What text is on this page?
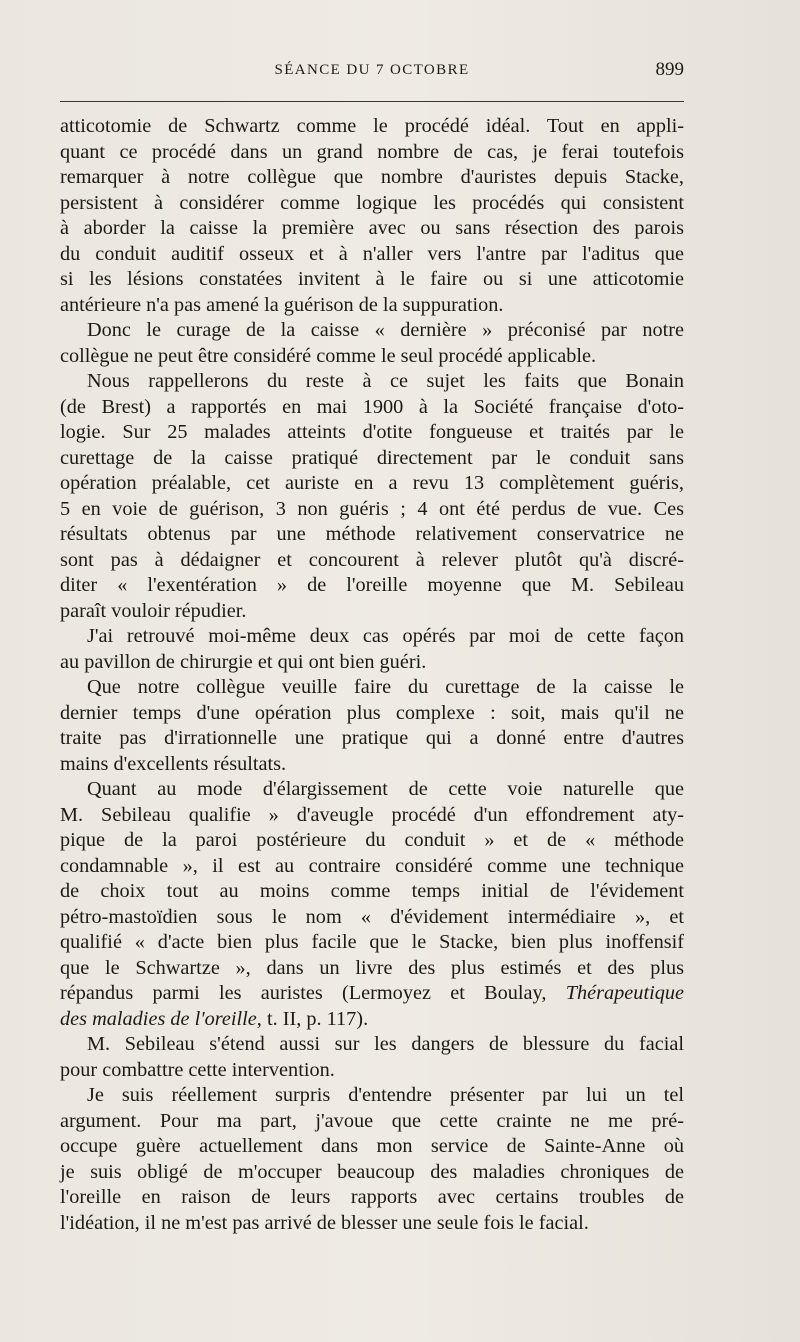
SÉANCE DU 7 OCTOBRE	899
atticotomie de Schwartz comme le procédé idéal. Tout en appli-
quant ce procédé dans un grand nombre de cas, je ferai toutefois
remarquer à notre collègue que nombre d'auristes depuis Stacke,
persistent à considérer comme logique les procédés qui consistent
à aborder la caisse la première avec ou sans résection des parois
du conduit auditif osseux et à n'aller vers l'antre par l'aditus que
si les lésions constatées invitent à le faire ou si une atticotomie
antérieure n'a pas amené la guérison de la suppuration.
Donc le curage de la caisse « dernière » préconisé par notre
collègue ne peut être considéré comme le seul procédé applicable.
Nous rappellerons du reste à ce sujet les faits que Bonain
(de Brest) a rapportés en mai 1900 à la Société française d'oto-
logie. Sur 25 malades atteints d'otite fongueuse et traités par le
curettage de la caisse pratiqué directement par le conduit sans
opération préalable, cet auriste en a revu 13 complètement guéris,
5 en voie de guérison, 3 non guéris ; 4 ont été perdus de vue. Ces
résultats obtenus par une méthode relativement conservatrice ne
sont pas à dédaigner et concourent à relever plutôt qu'à discré-
diter « l'exentération » de l'oreille moyenne que M. Sebileau
paraît vouloir répudier.
J'ai retrouvé moi-même deux cas opérés par moi de cette façon
au pavillon de chirurgie et qui ont bien guéri.
Que notre collègue veuille faire du curettage de la caisse le
dernier temps d'une opération plus complexe : soit, mais qu'il ne
traite pas d'irrationnelle une pratique qui a donné entre d'autres
mains d'excellents résultats.
Quant au mode d'élargissement de cette voie naturelle que
M. Sebileau qualifie » d'aveugle procédé d'un effondrement aty-
pique de la paroi postérieure du conduit » et de « méthode
condamnable », il est au contraire considéré comme une technique
de choix tout au moins comme temps initial de l'évidement
pétro-mastoïdien sous le nom « d'évidement intermédiaire », et
qualifié « d'acte bien plus facile que le Stacke, bien plus inoffensif
que le Schwartze », dans un livre des plus estimés et des plus
répandus parmi les auristes (Lermoyez et Boulay, Thérapeutique
des maladies de l'oreille, t. II, p. 117).
M. Sebileau s'étend aussi sur les dangers de blessure du facial
pour combattre cette intervention.
Je suis réellement surpris d'entendre présenter par lui un tel
argument. Pour ma part, j'avoue que cette crainte ne me pré-
occupe guère actuellement dans mon service de Sainte-Anne où
je suis obligé de m'occuper beaucoup des maladies chroniques de
l'oreille en raison de leurs rapports avec certains troubles de
l'idéation, il ne m'est pas arrivé de blesser une seule fois le facial.
